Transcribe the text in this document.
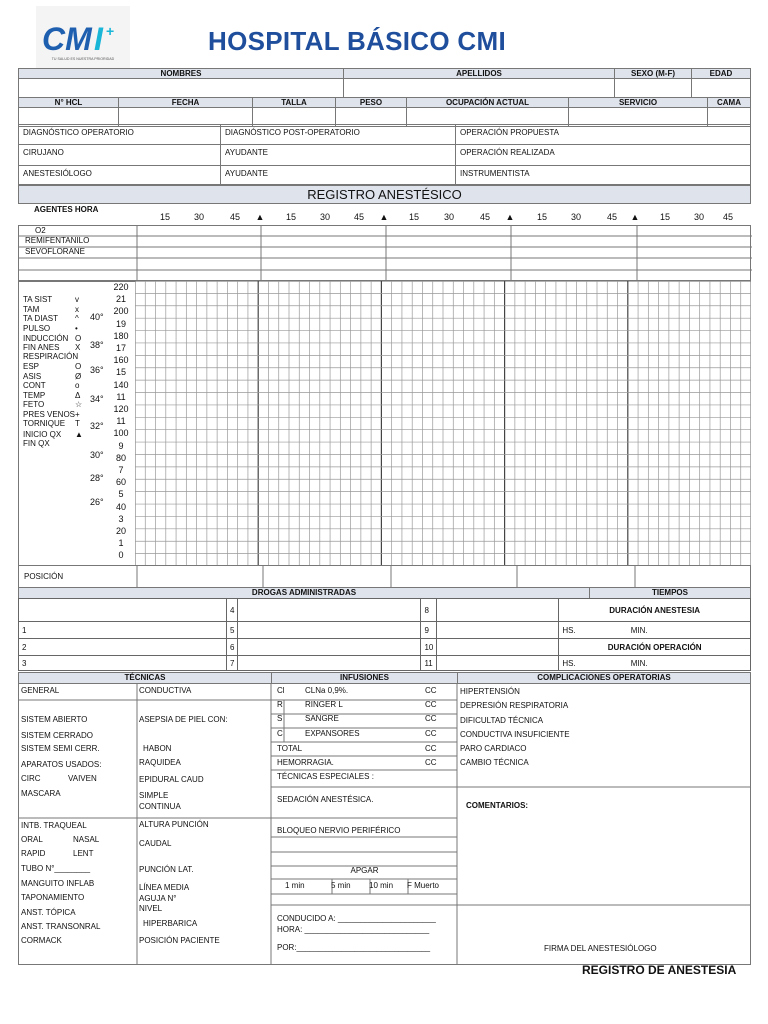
CM I +
TU SALUD ES NUESTRA PRIORIDAD
HOSPITAL BÁSICO CMI
NOMBRES	APELLIDOS	SEXO (M-F)	EDAD
N° HCL	FECHA	TALLA	PESO	OCUPACIÓN ACTUAL	SERVICIO	CAMA
DIAGNÓSTICO OPERATORIO	DIAGNÓSTICO POST-OPERATORIO	OPERACIÓN PROPUESTA
CIRUJANO	AYUDANTE	OPERACIÓN REALIZADA
ANESTESIÓLOGO	AYUDANTE	INSTRUMENTISTA
REGISTRO ANESTÉSICO
AGENTES HORA
15	30	45	▲	15	30	45	▲	15	30	45	▲	15	30	45	▲	15	30	45
O2
REMIFENTANILO
SEVOFLORANE
TA SIST	v
TAM	x
TA DIAST ^
PULSO	•
INDUCCIÓN O
FIN ANES X
RESPIRACIÓN
ESP	O
ASIS	Ø
CONT	o
TEMP	Δ
FETO	☆
PRES VENOS +
TORNIQUE T
INICIO QX ▲
FIN QX
40°
38°
36°
34°
32°
30°
28°
26°
220
21
200
19
180
17
160
15
140
11
120
11
100
9
80
7
60
5
40
3
20
1
0
POSICIÓN
DROGAS ADMINISTRADAS	TIEMPOS
	4		8		DURACIÓN ANESTESIA
1	5		9		HS. MIN.
2	6		10		DURACIÓN OPERACIÓN
3	7		11		HS. MIN.
TÉCNICAS	INFUSIONES	COMPLICACIONES OPERATORIAS
GENERAL
SISTEM ABIERTO
SISTEM CERRADO
SISTEM SEMI CERR.
APARATOS USADOS:
CIRC	VAIVEN
MASCARA
INTB. TRAQUEAL
ORAL	NASAL
RAPID	LENT
TUBO N°________
MANGUITO INFLAB
TAPONAMIENTO
ANST. TÓPICA
ANST. TRANSONRAL
CORMACK
CONDUCTIVA
ASEPSIA DE PIEL CON:
HABON
RAQUIDEA
EPIDURAL CAUD
SIMPLE
CONTINUA
ALTURA PUNCIÓN
CAUDAL
PUNCIÓN LAT.
LÍNEA MEDIA
AGUJA N°
NIVEL
HIPERBARICA
POSICIÓN PACIENTE
Cl	CLNa 0,9%.	CC
R	RINGER L	CC
S	SANGRE	CC
C	EXPANSORES	CC
TOTAL	CC
HEMORRAGIA.	CC
TÉCNICAS ESPECIALES :
SEDACIÓN ANESTÉSICA.
BLOQUEO NERVIO PERIFÉRICO
APGAR
1 min	5 min 10 min F Muerto
CONDUCIDO A: ______________________
HORA: ____________________________
POR:______________________________
HIPERTENSIÓN
DEPRESIÓN RESPIRATORIA
DIFICULTAD TÉCNICA
CONDUCTIVA INSUFICIENTE
PARO CARDIACO
CAMBIO TÉCNICA
COMENTARIOS:
FIRMA DEL ANESTESIÓLOGO
REGISTRO DE ANESTESIA
